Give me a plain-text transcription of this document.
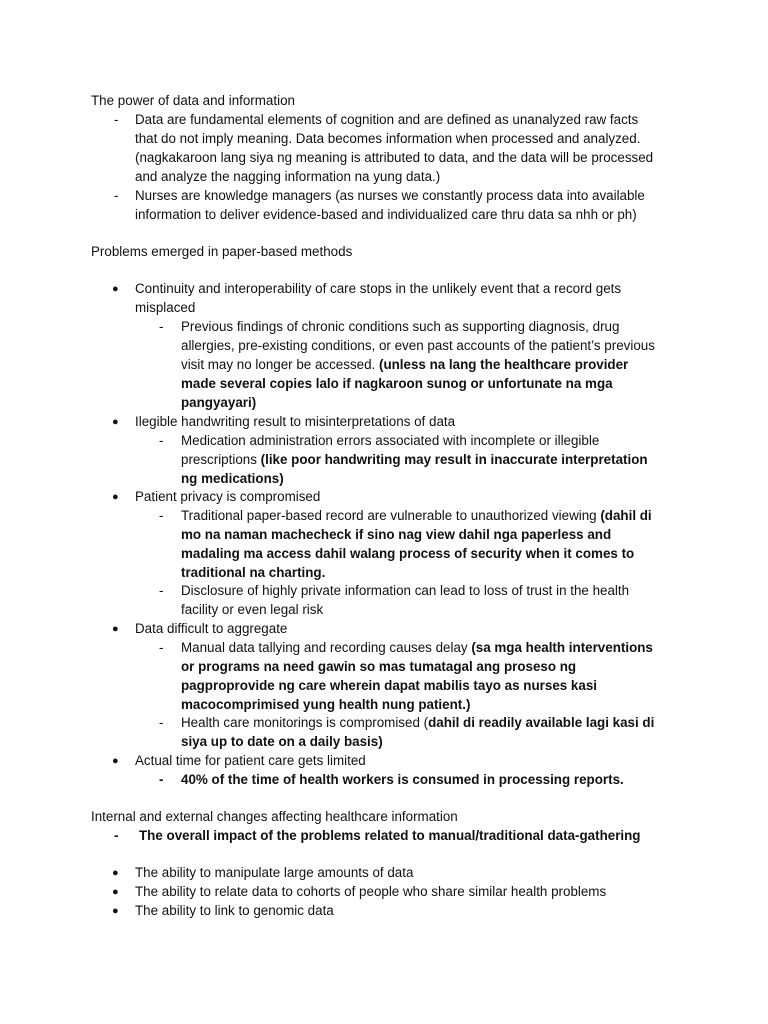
The power of data and information
- Data are fundamental elements of cognition and are defined as unanalyzed raw facts
that do not imply meaning. Data becomes information when processed and analyzed.
(nagkakaroon lang siya ng meaning is attributed to data, and the data will be processed
and analyze the nagging information na yung data.)
- Nurses are knowledge managers (as nurses we constantly process data into available
information to deliver evidence-based and individualized care thru data sa nhh or ph)
Problems emerged in paper-based methods
● Continuity and interoperability of care stops in the unlikely event that a record gets
misplaced
- Previous findings of chronic conditions such as supporting diagnosis, drug
allergies, pre-existing conditions, or even past accounts of the patient’s previous
visit may no longer be accessed. (unless na lang the healthcare provider
made several copies lalo if nagkaroon sunog or unfortunate na mga
pangyayari)
● Ilegible handwriting result to misinterpretations of data
- Medication administration errors associated with incomplete or illegible
prescriptions (like poor handwriting may result in inaccurate interpretation
ng medications)
● Patient privacy is compromised
- Traditional paper-based record are vulnerable to unauthorized viewing (dahil di
mo na naman machecheck if sino nag view dahil nga paperless and
madaling ma access dahil walang process of security when it comes to
traditional na charting.
- Disclosure of highly private information can lead to loss of trust in the health
facility or even legal risk
● Data difficult to aggregate
- Manual data tallying and recording causes delay (sa mga health interventions
or programs na need gawin so mas tumatagal ang proseso ng
pagproprovide ng care wherein dapat mabilis tayo as nurses kasi
macocomprimised yung health nung patient.)
- Health care monitorings is compromised (dahil di readily available lagi kasi di
siya up to date on a daily basis)
● Actual time for patient care gets limited
- 40% of the time of health workers is consumed in processing reports.
Internal and external changes affecting healthcare information
- The overall impact of the problems related to manual/traditional data-gathering
● The ability to manipulate large amounts of data
● The ability to relate data to cohorts of people who share similar health problems
● The ability to link to genomic data
